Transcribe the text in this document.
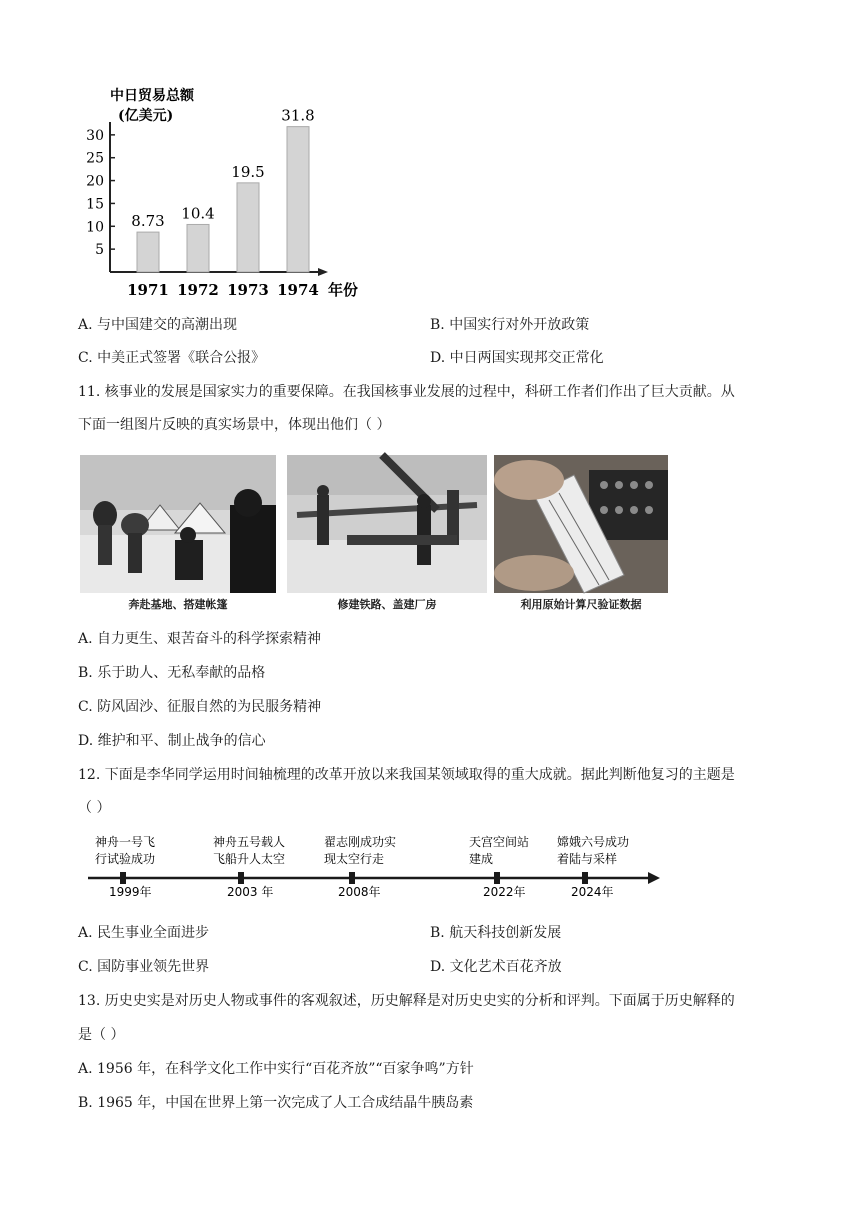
中日贸易总额
(亿美元)
5
10
15
20
25
30
8.73
1971
10.4
1972
19.5
1973
31.8
1974 年份
A. 与中国建交的高潮出现	B. 中国实行对外开放政策
C. 中美正式签署《联合公报》	D. 中日两国实现邦交正常化
11. 核事业的发展是国家实力的重要保障。在我国核事业发展的过程中，科研工作者们作出了巨大贡献。从
下面一组图片反映的真实场景中，体现出他们（ ）
奔赴基地、搭建帐篷	修建铁路、盖建厂房	利用原始计算尺验证数据
A. 自力更生、艰苦奋斗的科学探索精神
B. 乐于助人、无私奉献的品格
C. 防风固沙、征服自然的为民服务精神
D. 维护和平、制止战争的信心
12. 下面是李华同学运用时间轴梳理的改革开放以来我国某领域取得的重大成就。据此判断他复习的主题是
（ ）
神舟一号飞
行试验成功
1999年
神舟五号载人
飞船升人太空
2003 年
翟志刚成功实
现太空行走
2008年
天宫空间站
建成
2022年
嫦娥六号成功
着陆与采样
2024年
A. 民生事业全面进步	B. 航天科技创新发展
C. 国防事业领先世界	D. 文化艺术百花齐放
13. 历史史实是对历史人物或事件的客观叙述，历史解释是对历史史实的分析和评判。下面属于历史解释的
是（ ）
A. 1956 年，在科学文化工作中实行“百花齐放”“百家争鸣”方针
B. 1965 年，中国在世界上第一次完成了人工合成结晶牛胰岛素
